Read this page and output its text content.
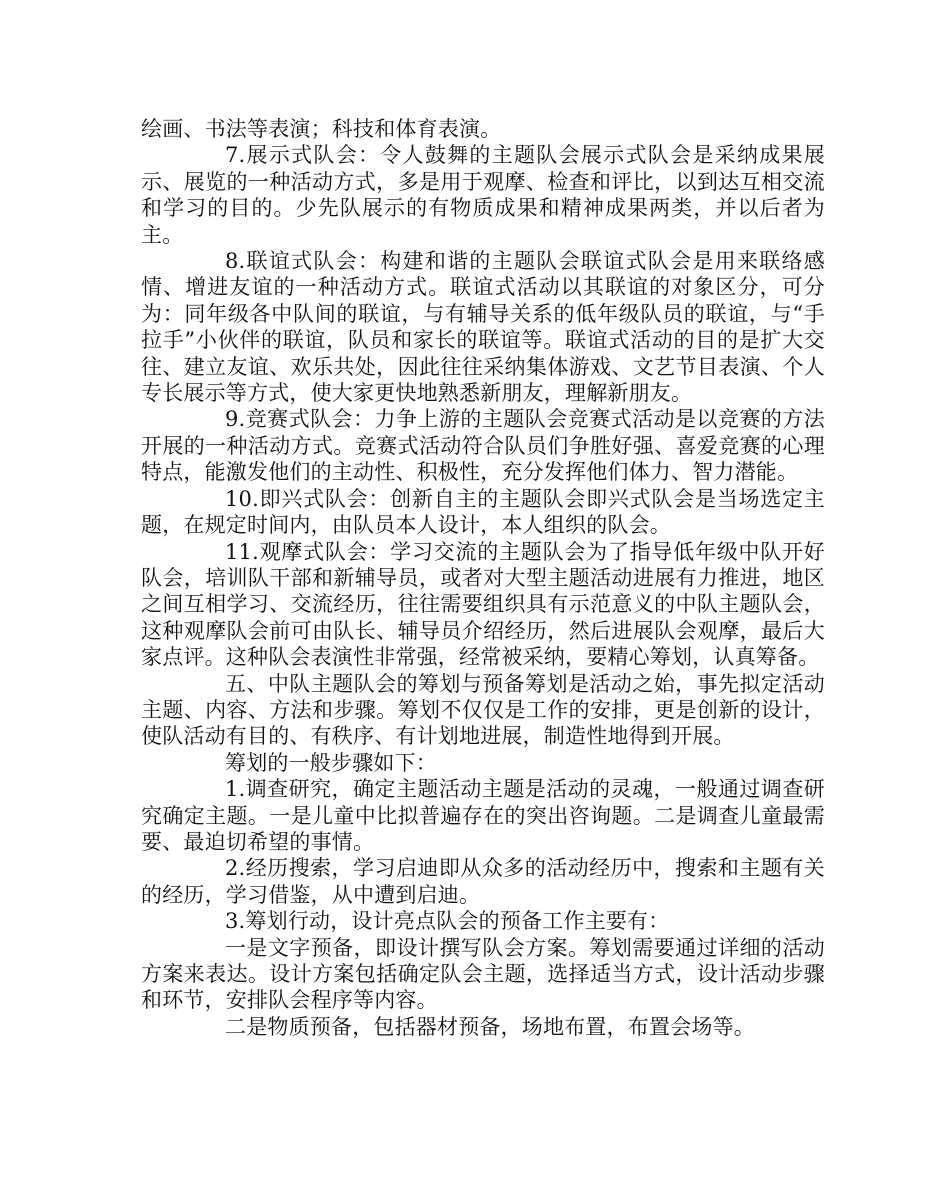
绘画、书法等表演；科技和体育表演。

7.展示式队会：令人鼓舞的主题队会展示式队会是采纳成果展示、展览的一种活动方式，多是用于观摩、检查和评比，以到达互相交流和学习的目的。少先队展示的有物质成果和精神成果两类，并以后者为主。

8.联谊式队会：构建和谐的主题队会联谊式队会是用来联络感情、增进友谊的一种活动方式。联谊式活动以其联谊的对象区分，可分为：同年级各中队间的联谊，与有辅导关系的低年级队员的联谊，与“手拉手”小伙伴的联谊，队员和家长的联谊等。联谊式活动的目的是扩大交往、建立友谊、欢乐共处，因此往往采纳集体游戏、文艺节目表演、个人专长展示等方式，使大家更快地熟悉新朋友，理解新朋友。

9.竞赛式队会：力争上游的主题队会竞赛式活动是以竞赛的方法开展的一种活动方式。竞赛式活动符合队员们争胜好强、喜爱竞赛的心理特点，能激发他们的主动性、积极性，充分发挥他们体力、智力潜能。

10.即兴式队会：创新自主的主题队会即兴式队会是当场选定主题，在规定时间内，由队员本人设计，本人组织的队会。

11.观摩式队会：学习交流的主题队会为了指导低年级中队开好队会，培训队干部和新辅导员，或者对大型主题活动进展有力推进，地区之间互相学习、交流经历，往往需要组织具有示范意义的中队主题队会，这种观摩队会前可由队长、辅导员介绍经历，然后进展队会观摩，最后大家点评。这种队会表演性非常强，经常被采纳，要精心筹划，认真筹备。

五、中队主题队会的筹划与预备筹划是活动之始，事先拟定活动主题、内容、方法和步骤。筹划不仅仅是工作的安排，更是创新的设计，使队活动有目的、有秩序、有计划地进展，制造性地得到开展。

筹划的一般步骤如下：

1.调查研究，确定主题活动主题是活动的灵魂，一般通过调查研究确定主题。一是儿童中比拟普遍存在的突出咨询题。二是调查儿童最需要、最迫切希望的事情。

2.经历搜索，学习启迪即从众多的活动经历中，搜索和主题有关的经历，学习借鉴，从中遭到启迪。

3.筹划行动，设计亮点队会的预备工作主要有：

一是文字预备，即设计撰写队会方案。筹划需要通过详细的活动方案来表达。设计方案包括确定队会主题，选择适当方式，设计活动步骤和环节，安排队会程序等内容。

二是物质预备，包括器材预备，场地布置，布置会场等。
